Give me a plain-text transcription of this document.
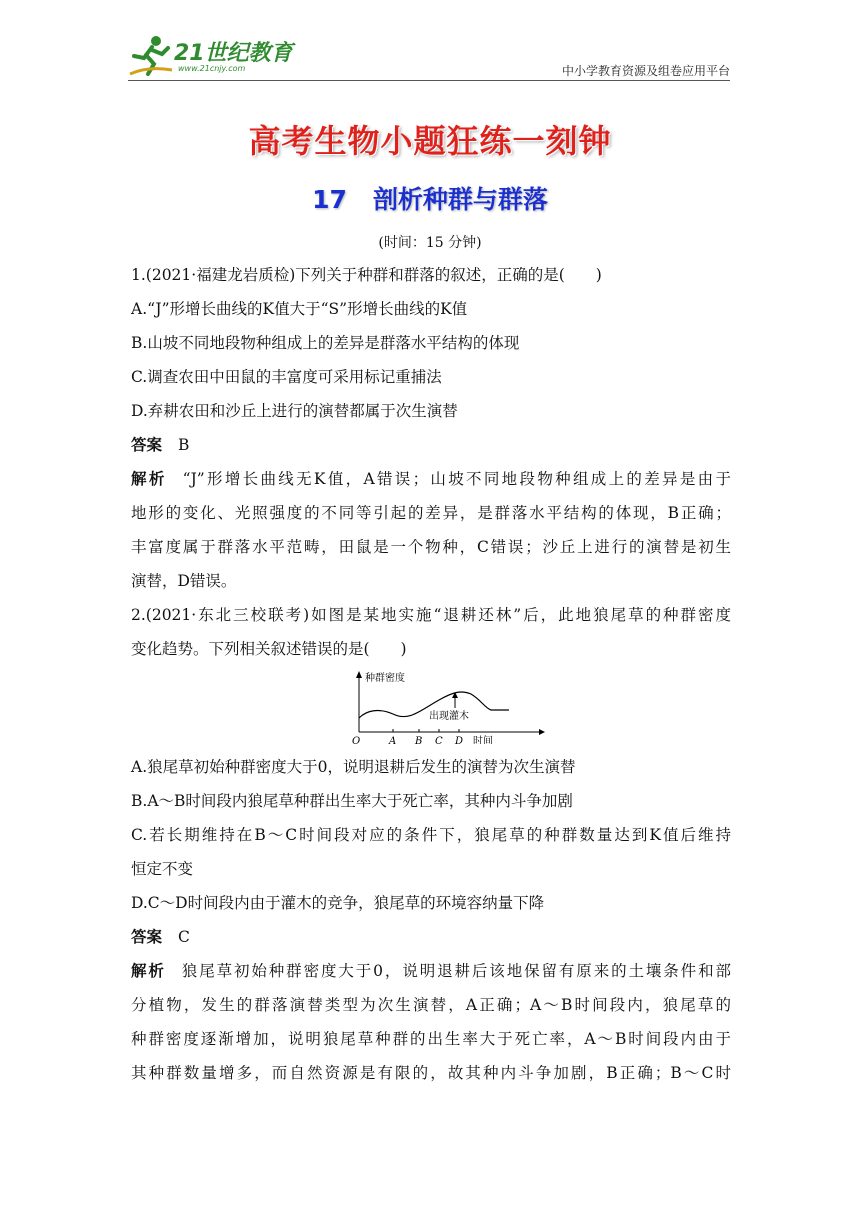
21世纪教育
www.21cnjy.com	中小学教育资源及组卷应用平台
高考生物小题狂练一刻钟
17 剖析种群与群落
(时间：15 分钟)
1.(2021·福建龙岩质检)下列关于种群和群落的叙述，正确的是(　　)
A.“J”形增长曲线的K值大于“S”形增长曲线的K值
B.山坡不同地段物种组成上的差异是群落水平结构的体现
C.调查农田中田鼠的丰富度可采用标记重捕法
D.弃耕农田和沙丘上进行的演替都属于次生演替
答案 B
解析 “J”形增长曲线无K值，A错误；山坡不同地段物种组成上的差异是由于
地形的变化、光照强度的不同等引起的差异，是群落水平结构的体现，B正确；
丰富度属于群落水平范畴，田鼠是一个物种，C错误；沙丘上进行的演替是初生
演替，D错误。
2.(2021·东北三校联考)如图是某地实施“退耕还林”后，此地狼尾草的种群密度
变化趋势。下列相关叙述错误的是(　　)
种群密度
出现灌木
O	A B C D 时间
A.狼尾草初始种群密度大于0，说明退耕后发生的演替为次生演替
B.A～B时间段内狼尾草种群出生率大于死亡率，其种内斗争加剧
C.若长期维持在B～C时间段对应的条件下，狼尾草的种群数量达到K值后维持
恒定不变
D.C～D时间段内由于灌木的竞争，狼尾草的环境容纳量下降
答案 C
解析 狼尾草初始种群密度大于0，说明退耕后该地保留有原来的土壤条件和部
分植物，发生的群落演替类型为次生演替，A正确；A～B时间段内，狼尾草的
种群密度逐渐增加，说明狼尾草种群的出生率大于死亡率，A～B时间段内由于
其种群数量增多，而自然资源是有限的，故其种内斗争加剧，B正确；B～C时
